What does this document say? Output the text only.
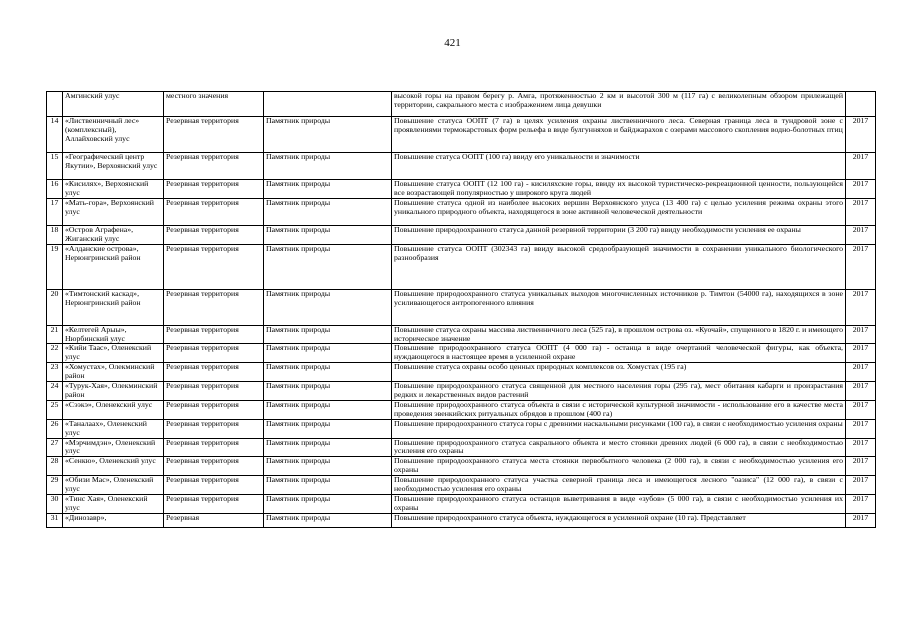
421
	Амгинский улус	местного значения		высокой горы на правом берегу р. Амга, протяженностью 2 км и высотой 300 м (117 га) с великолепным обзором прилежащей территории, сакрального места с изображением лица девушки	
14	«Лиственничный лес» (комплексный), Аллайховский улус	Резервная территория	Памятник природы	Повышение статуса ООПТ (7 га) в целях усиления охраны лиственничного леса. Северная граница леса в тундровой зоне с проявлениями термокарстовых форм рельефа в виде булгунняхов и байджарахов с озерами массового скопления водно-болотных птиц	2017
15	«Географический центр Якутии», Верхоянский улус	Резервная территория	Памятник природы	Повышение статуса ООПТ (100 га) ввиду его уникальности и значимости	2017
16	«Кисилях», Верхоянский улус	Резервная территория	Памятник природы	Повышение статуса ООПТ (12 100 га) - кисиляхские горы, ввиду их высокой туристическо-рекреационной ценности, пользующейся все возрастающей популярностью у широкого круга людей	2017
17	«Мать-гора», Верхоянский улус	Резервная территория	Памятник природы	Повышение статуса одной из наиболее высоких вершин Верхоянского улуса (13 400 га) с целью усиления режима охраны этого уникального природного объекта, находящегося в зоне активной человеческой деятельности	2017
18	«Остров Аграфена», Жиганский улус	Резервная территория	Памятник природы	Повышение природоохранного статуса данной резервной территории (3 200 га) ввиду необходимости усиления ее охраны	2017
19	«Алданские острова», Нерюнгринский район	Резервная территория	Памятник природы	Повышение статуса ООПТ (302343 га) ввиду высокой средообразующей значимости в сохранении уникального биологического разнообразия	2017
20	«Тимтонский каскад», Нерюнгринский район	Резервная территория	Памятник природы	Повышение природоохранного статуса уникальных выходов многочисленных источников р. Тимтон (54000 га), находящихся в зоне усиливающегося антропогенного влияния	2017
21	«Келтегей Арыы», Нюрбинский улус	Резервная территория	Памятник природы	Повышение статуса охраны массива лиственничного леса (525 га), в прошлом острова оз. «Куочай», спущенного в 1820 г. и имеющего историческое значение	2017
22	«Кийи Таас», Оленекский улус	Резервная территория	Памятник природы	Повышение природоохранного статуса ООПТ (4 000 га) - останца в виде очертаний человеческой фигуры, как объекта, нуждающегося в настоящее время в усиленной охране	2017
23	«Хомустах», Олекминский район	Резервная территория	Памятник природы	Повышение статуса охраны особо ценных природных комплексов оз. Хомустах (195 га)	2017
24	«Турук-Хая», Олекминский район	Резервная территория	Памятник природы	Повышение природоохранного статуса священной для местного населения горы (295 га), мест обитания кабарги и произрастания редких и лекарственных видов растений	2017
25	«Сээкэ», Оленекский улус	Резервная территория	Памятник природы	Повышение природоохранного статуса объекта в связи с исторической культурной значимости - использование его в качестве места проведения эвенкийских ритуальных обрядов в прошлом (400 га)	2017
26	«Таналаах», Оленекский улус	Резервная территория	Памятник природы	Повышение природоохранного статуса горы с древними наскальными рисунками (100 га), в связи с необходимостью усиления охраны	2017
27	«Мэрчимдэн», Оленекский улус	Резервная территория	Памятник природы	Повышение природоохранного статуса сакрального объекта и место стоянки древних людей (6 000 га), в связи с необходимостью усиления его охраны	2017
28	«Сенкю», Оленекский улус	Резервная территория	Памятник природы	Повышение природоохранного статуса места стоянки первобытного человека (2 000 га), в связи с необходимостью усиления его охраны	2017
29	«Обизи Мас», Оленекский улус	Резервная территория	Памятник природы	Повышение природоохранного статуса участка северной граница леса и имеющегося лесного "оазиса" (12 000 га), в связи с необходимостью усиления его охраны	2017
30	«Тинс Хая», Оленекский улус	Резервная территория	Памятник природы	Повышение природоохранного статуса останцов выветривания в виде «зубов» (5 000 га), в связи с необходимостью усиления их охраны	2017
31	«Динозавр»,	Резервная	Памятник природы	Повышение природоохранного статуса объекта, нуждающегося в усиленной охране (10 га). Представляет	2017
